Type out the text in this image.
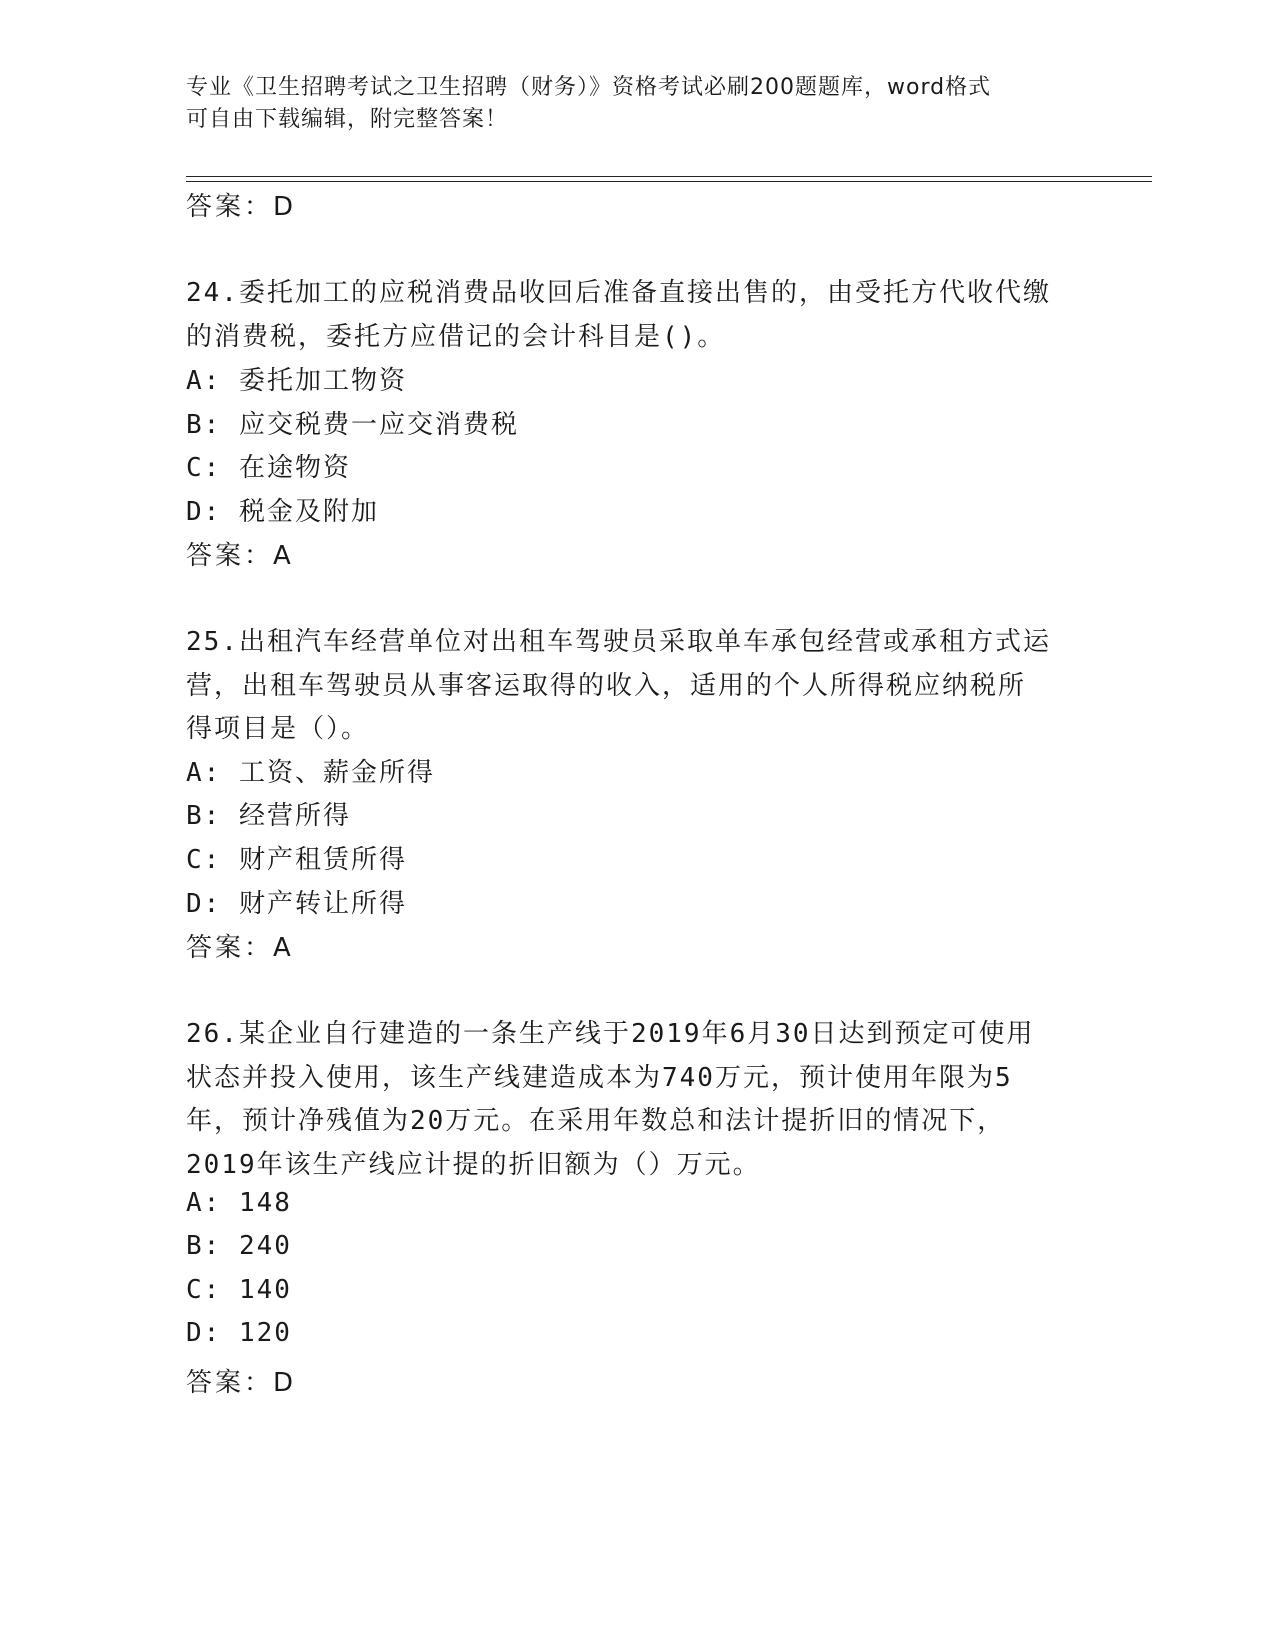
专业《卫生招聘考试之卫生招聘（财务）》资格考试必刷200题题库，word格式
可自由下载编辑，附完整答案！
答案：D
24.委托加工的应税消费品收回后准备直接出售的，由受托方代收代缴
的消费税，委托方应借记的会计科目是()。
A: 委托加工物资
B: 应交税费一应交消费税
C: 在途物资
D: 税金及附加
答案：A
25.出租汽车经营单位对出租车驾驶员采取单车承包经营或承租方式运
营，出租车驾驶员从事客运取得的收入，适用的个人所得税应纳税所
得项目是（）。
A: 工资、薪金所得
B: 经营所得
C: 财产租赁所得
D: 财产转让所得
答案：A
26.某企业自行建造的一条生产线于2019年6月30日达到预定可使用
状态并投入使用，该生产线建造成本为740万元，预计使用年限为5
年，预计净残值为20万元。在采用年数总和法计提折旧的情况下，
2019年该生产线应计提的折旧额为（）万元。
A: 148
B: 240
C: 140
D: 120
答案：D
